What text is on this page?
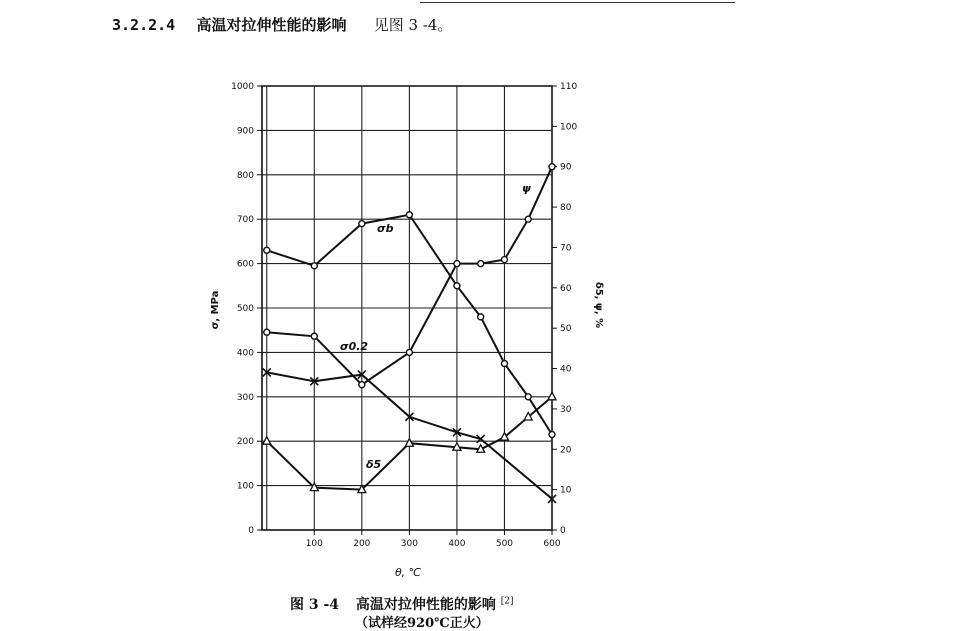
3.2.2.4 高温对拉伸性能的影响 见图 3 -4。
0
100
200
300
400
500
600
700
800
900
1000
0
10
20
30
40
50
60
70
80
90
100
110
100	200	300	400	500	600
θ, ℃
σ, MPa	δ5, ψ, %
σb
σ0.2
ψ
δ5
图 3 -4 高温对拉伸性能的影响 [2]
（试样经920℃正火）
